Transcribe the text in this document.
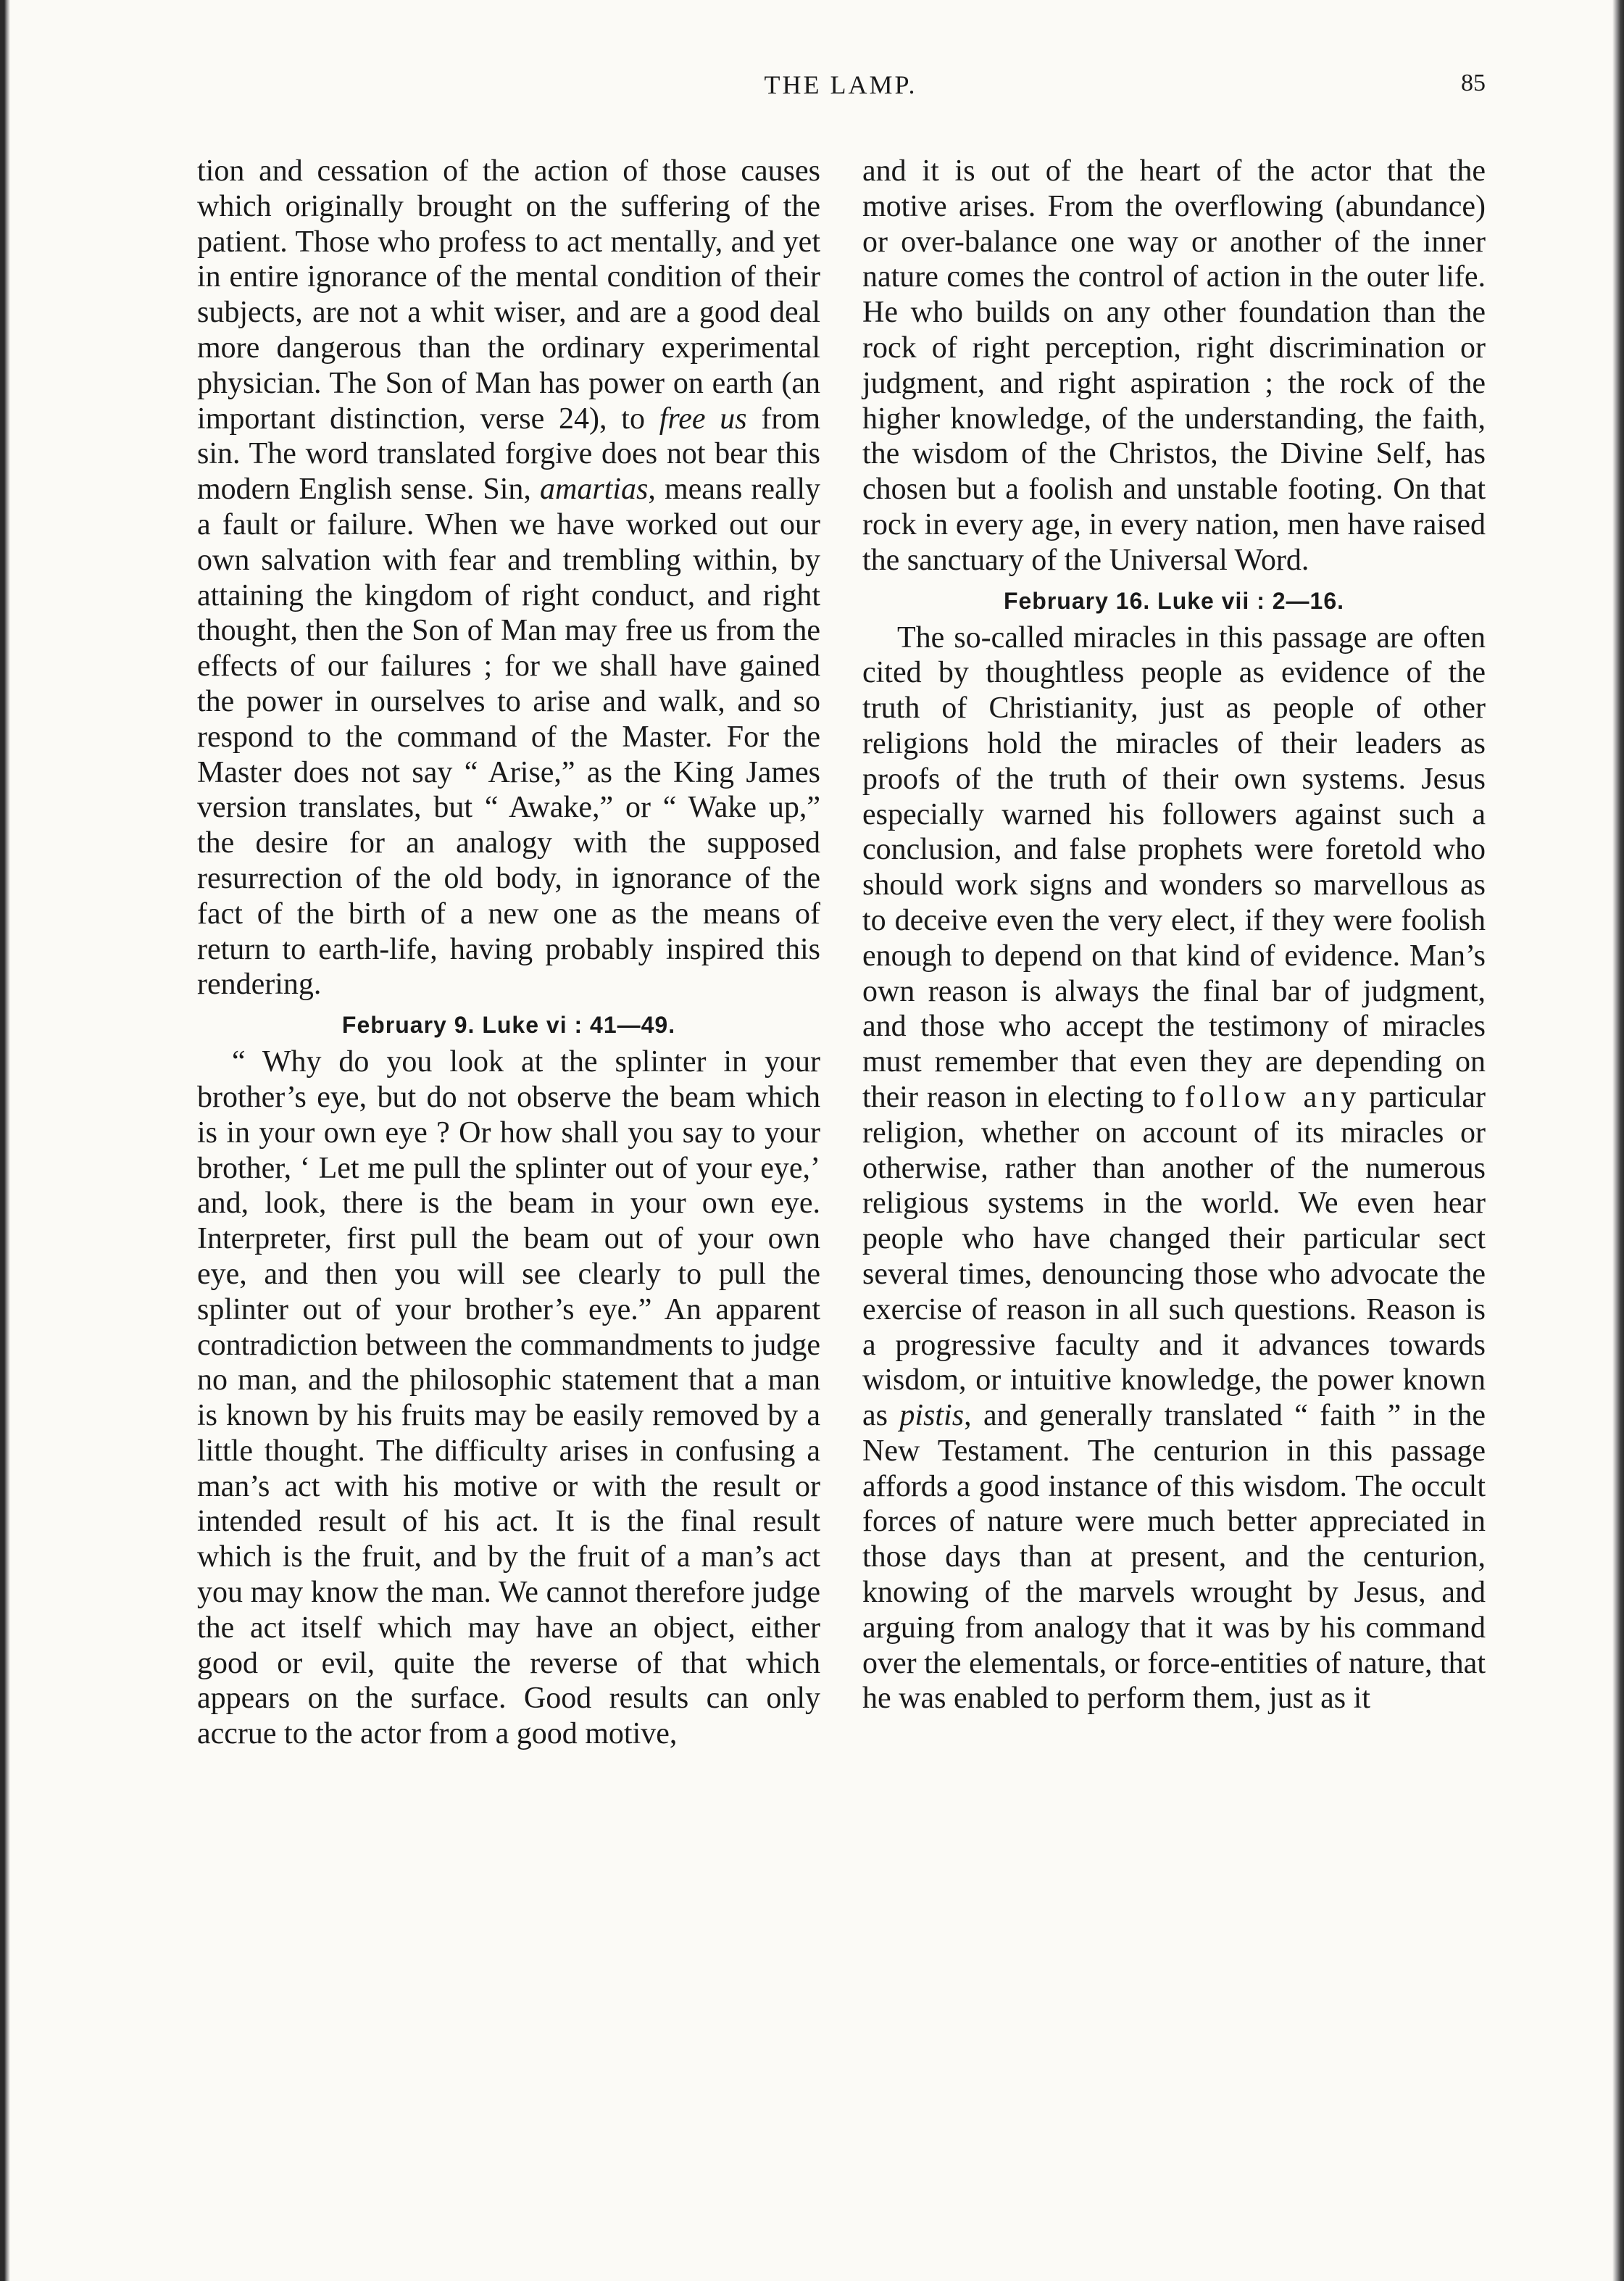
THE LAMP.	85

tion and cessation of the action of those causes which originally brought on the suffering of the patient. Those who profess to act mentally, and yet in entire ignorance of the mental condition of their subjects, are not a whit wiser, and are a good deal more dangerous than the ordinary experimental physician. The Son of Man has power on earth (an important distinction, verse 24), to free us from sin. The word translated forgive does not bear this modern English sense. Sin, amartias, means really a fault or failure. When we have worked out our own salvation with fear and trembling within, by attaining the kingdom of right conduct, and right thought, then the Son of Man may free us from the effects of our failures ; for we shall have gained the power in ourselves to arise and walk, and so respond to the command of the Master. For the Master does not say “ Arise,” as the King James version translates, but “ Awake,” or “ Wake up,” the desire for an analogy with the supposed resurrection of the old body, in ignorance of the fact of the birth of a new one as the means of return to earth-life, having probably inspired this rendering.

February 9. Luke vi : 41—49.

“ Why do you look at the splinter in your brother’s eye, but do not observe the beam which is in your own eye ? Or how shall you say to your brother, ‘ Let me pull the splinter out of your eye,’ and, look, there is the beam in your own eye. Interpreter, first pull the beam out of your own eye, and then you will see clearly to pull the splinter out of your brother’s eye.” An apparent contradiction between the commandments to judge no man, and the philosophic statement that a man is known by his fruits may be easily removed by a little thought. The difficulty arises in confusing a man’s act with his motive or with the result or intended result of his act. It is the final result which is the fruit, and by the fruit of a man’s act you may know the man. We cannot therefore judge the act itself which may have an object, either good or evil, quite the reverse of that which appears on the surface. Good results can only accrue to the actor from a good motive,

and it is out of the heart of the actor that the motive arises. From the overflowing (abundance) or over-balance one way or another of the inner nature comes the control of action in the outer life. He who builds on any other foundation than the rock of right perception, right discrimination or judgment, and right aspiration ; the rock of the higher knowledge, of the understanding, the faith, the wisdom of the Christos, the Divine Self, has chosen but a foolish and unstable footing. On that rock in every age, in every nation, men have raised the sanctuary of the Universal Word.

February 16. Luke vii : 2—16.

The so-called miracles in this passage are often cited by thoughtless people as evidence of the truth of Christianity, just as people of other religions hold the miracles of their leaders as proofs of the truth of their own systems. Jesus especially warned his followers against such a conclusion, and false prophets were foretold who should work signs and wonders so marvellous as to deceive even the very elect, if they were foolish enough to depend on that kind of evidence. Man’s own reason is always the final bar of judgment, and those who accept the testimony of miracles must remember that even they are depending on their reason in electing to follow any particular religion, whether on account of its miracles or otherwise, rather than another of the numerous religious systems in the world. We even hear people who have changed their particular sect several times, denouncing those who advocate the exercise of reason in all such questions. Reason is a progressive faculty and it advances towards wisdom, or intuitive knowledge, the power known as pistis, and generally translated “ faith ” in the New Testament. The centurion in this passage affords a good instance of this wisdom. The occult forces of nature were much better appreciated in those days than at present, and the centurion, knowing of the marvels wrought by Jesus, and arguing from analogy that it was by his command over the elementals, or force-entities of nature, that he was enabled to perform them, just as it
